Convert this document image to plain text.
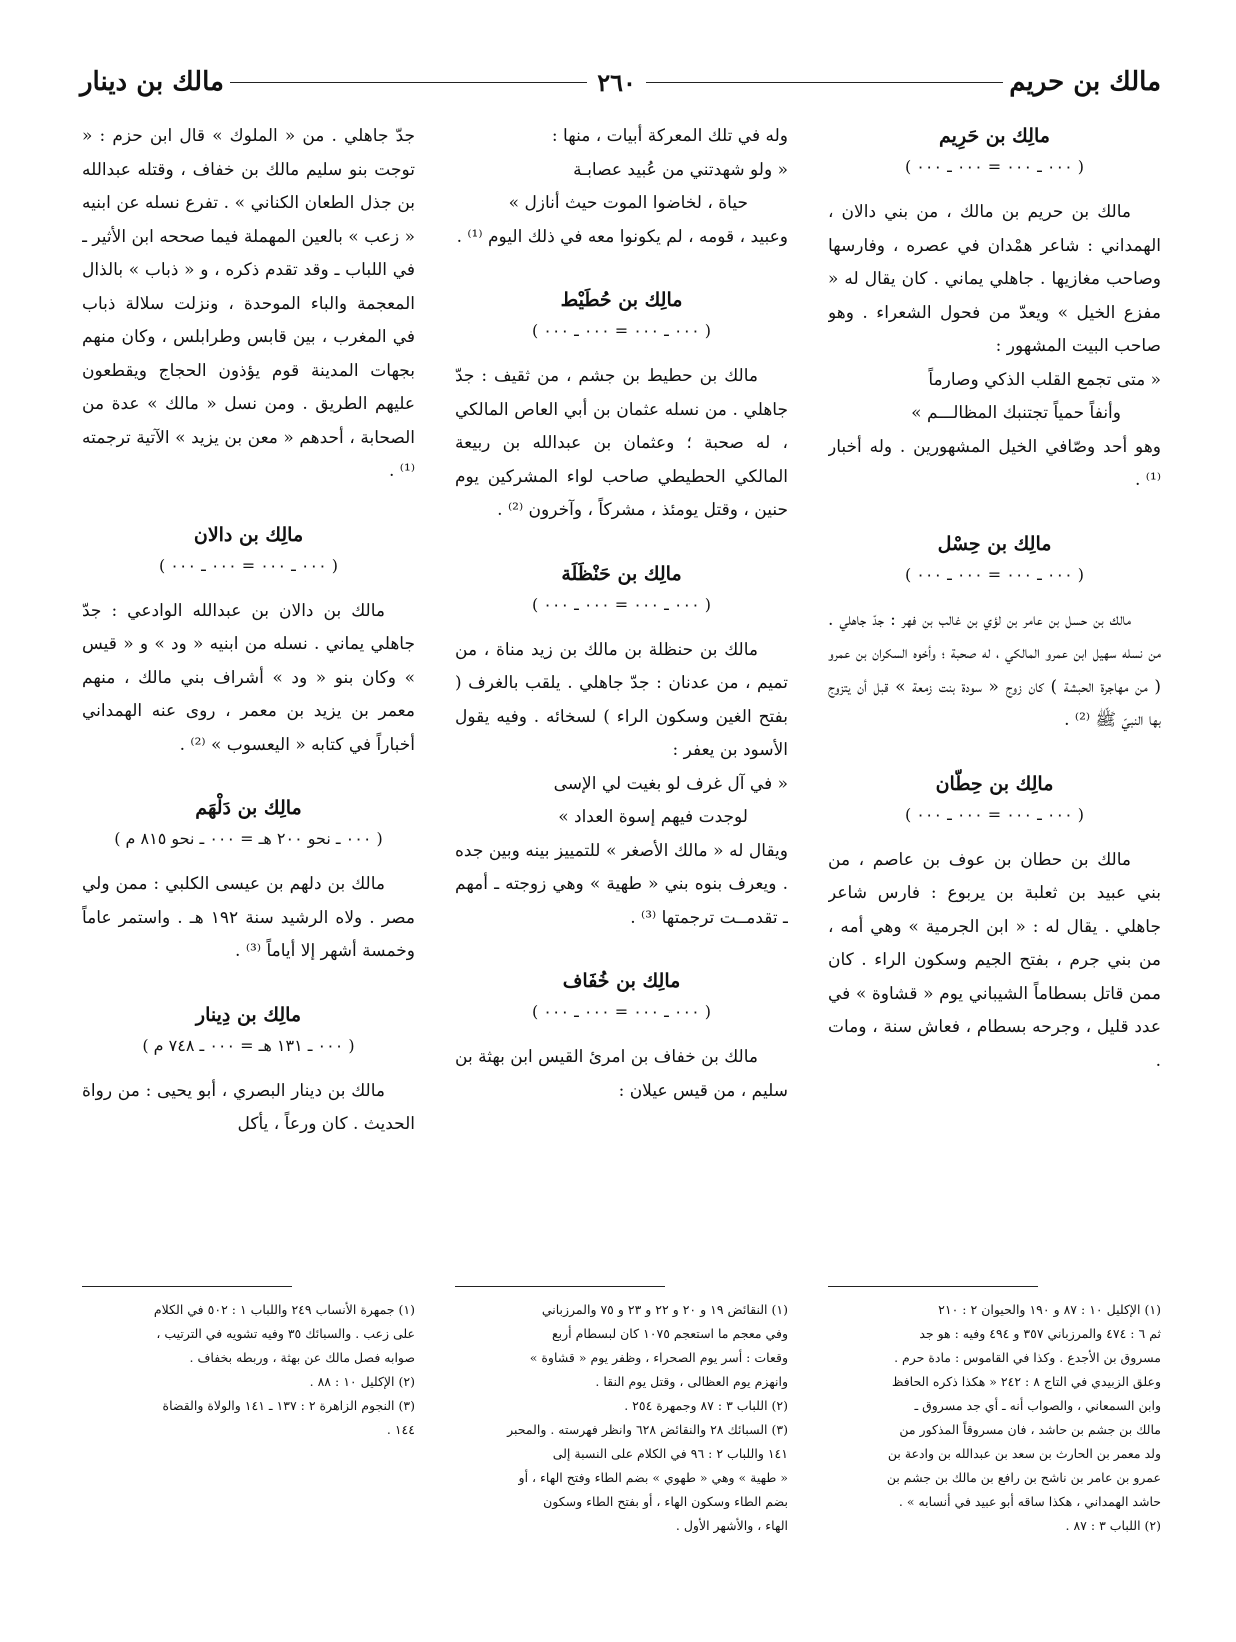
مالك بن حريم
٢٦٠
مالك بن دينار
مالِك بن حَرِيم
( ٠٠٠ ـ ٠٠٠ = ٠٠٠ ـ ٠٠٠ )

مالك بن حريم بن مالك ، من بني دالان ، الهمداني : شاعر همْدان في عصره ، وفارسها وصاحب مغازيها . جاهلي يماني . كان يقال له « مفزع الخيل » ويعدّ من فحول الشعراء . وهو صاحب البيت المشهور :

« متى تجمع القلب الذكي وصارماً

وأنفاً حمياً تجتنبك المظالـــم »

وهو أحد وصّافي الخيل المشهورين . وله أخبار ⁽¹⁾ .

مالِك بن حِسْل
( ٠٠٠ ـ ٠٠٠ = ٠٠٠ ـ ٠٠٠ )

مالك بن حسل بن عامر بن لؤي بن غالب بن فهر : جدّ جاهلي . من نسله سهيل ابن عمرو المالكي ، له صحبة ؛ وأخوه السكران بن عمرو ( من مهاجرة الحبشة ) كان زوج « سودة بنت زمعة » قبل أن يتزوج بها النبيّ ﷺ ⁽²⁾ .

مالِك بن حِطّان
( ٠٠٠ ـ ٠٠٠ = ٠٠٠ ـ ٠٠٠ )

مالك بن حطان بن عوف بن عاصم ، من بني عبيد بن ثعلبة بن يربوع : فارس شاعر جاهلي . يقال له : « ابن الجرمية » وهي أمه ، من بني جرم ، بفتح الجيم وسكون الراء . كان ممن قاتل بسطاماً الشيباني يوم « قشاوة » في عدد قليل ، وجرحه بسطام ، فعاش سنة ، ومات .

(١) الإكليل ١٠ : ٨٧ و ١٩٠ والحيوان ٢ : ٢١٠
ثم ٦ : ٤٧٤ والمرزباني ٣٥٧ و ٤٩٤ وفيه : هو جد
مسروق بن الأجدع . وكذا في القاموس : مادة حرم .
وعلق الزبيدي في التاج ٨ : ٢٤٢ « هكذا ذكره الحافظ
وابن السمعاني ، والصواب أنه ـ أي جد مسروق ـ
مالك بن جشم بن حاشد ، فان مسروقاً المذكور من
ولد معمر بن الحارث بن سعد بن عبدالله بن وادعة بن
عمرو بن عامر بن ناشح بن رافع بن مالك بن جشم بن
حاشد الهمداني ، هكذا ساقه أبو عبيد في أنسابه » .
(٢) اللباب ٣ : ٨٧ .

وله في تلك المعركة أبيات ، منها :

« ولو شهدتني من عُبيد عصابـة

حياة ، لخاضوا الموت حيث أنازل »

وعبيد ، قومه ، لم يكونوا معه في ذلك اليوم ⁽¹⁾ .

مالِك بن حُطَيْط
( ٠٠٠ ـ ٠٠٠ = ٠٠٠ ـ ٠٠٠ )

مالك بن حطيط بن جشم ، من ثقيف : جدّ جاهلي . من نسله عثمان بن أبي العاص المالكي ، له صحبة ؛ وعثمان بن عبدالله بن ربيعة المالكي الحطيطي صاحب لواء المشركين يوم حنين ، وقتل يومئذ ، مشركاً ، وآخرون ⁽²⁾ .

مالِك بن حَنْظَلَة
( ٠٠٠ ـ ٠٠٠ = ٠٠٠ ـ ٠٠٠ )

مالك بن حنظلة بن مالك بن زيد مناة ، من تميم ، من عدنان : جدّ جاهلي . يلقب بالغرف ( بفتح الغين وسكون الراء ) لسخائه . وفيه يقول الأسود بن يعفر :

« في آل غرف لو بغيت لي الإسى

لوجدت فيهم إسوة العداد »

ويقال له « مالك الأصغر » للتمييز بينه وبين جده . ويعرف بنوه بني « طهية » وهي زوجته ـ أمهم ـ تقدمــت ترجمتها ⁽³⁾ .

مالِك بن خُفَاف
( ٠٠٠ ـ ٠٠٠ = ٠٠٠ ـ ٠٠٠ )

مالك بن خفاف بن امرئ القيس ابن بهثة بن سليم ، من قيس عيلان :

(١) النقائض ١٩ و ٢٠ و ٢٢ و ٢٣ و ٧٥ والمرزباني
وفي معجم ما استعجم ١٠٧٥ كان لبسطام أربع
وقعات : أسر يوم الصحراء ، وظفر يوم « قشاوة »
وانهزم يوم العظالى ، وقتل يوم النقا .
(٢) اللباب ٣ : ٨٧ وجمهرة ٢٥٤ .
(٣) السبائك ٢٨ والنقائض ٦٢٨ وانظر فهرسته . والمحبر
١٤١ واللباب ٢ : ٩٦ في الكلام على النسبة إلى
« طهية » وهي « طهوي » بضم الطاء وفتح الهاء ، أو
بضم الطاء وسكون الهاء ، أو بفتح الطاء وسكون
الهاء ، والأشهر الأول .

جدّ جاهلي . من « الملوك » قال ابن حزم : « توجت بنو سليم مالك بن خفاف ، وقتله عبدالله بن جذل الطعان الكناني » . تفرع نسله عن ابنيه « زعب » بالعين المهملة فيما صححه ابن الأثير ـ في اللباب ـ وقد تقدم ذكره ، و « ذباب » بالذال المعجمة والباء الموحدة ، ونزلت سلالة ذباب في المغرب ، بين قابس وطرابلس ، وكان منهم بجهات المدينة قوم يؤذون الحجاج ويقطعون عليهم الطريق . ومن نسل « مالك » عدة من الصحابة ، أحدهم « معن بن يزيد » الآتية ترجمته ⁽¹⁾ .

مالِك بن دالان
( ٠٠٠ ـ ٠٠٠ = ٠٠٠ ـ ٠٠٠ )

مالك بن دالان بن عبدالله الوادعي : جدّ جاهلي يماني . نسله من ابنيه « ود » و « قيس » وكان بنو « ود » أشراف بني مالك ، منهم معمر بن يزيد بن معمر ، روى عنه الهمداني أخباراً في كتابه « اليعسوب » ⁽²⁾ .

مالِك بن دَلْهَم
( ٠٠٠ ـ نحو ٢٠٠ هـ = ٠٠٠ ـ نحو ٨١٥ م )

مالك بن دلهم بن عيسى الكلبي : ممن ولي مصر . ولاه الرشيد سنة ١٩٢ هـ . واستمر عاماً وخمسة أشهر إلا أياماً ⁽³⁾ .

مالِك بن دِينار
( ٠٠٠ ـ ١٣١ هـ = ٠٠٠ ـ ٧٤٨ م )

مالك بن دينار البصري ، أبو يحيى : من رواة الحديث . كان ورعاً ، يأكل

(١) جمهرة الأنساب ٢٤٩ واللباب ١ : ٥٠٢ في الكلام
على زعب . والسبائك ٣٥ وفيه تشويه في الترتيب ،
صوابه فصل مالك عن بهثة ، وربطه بخفاف .
(٢) الإكليل ١٠ : ٨٨ .
(٣) النجوم الزاهرة ٢ : ١٣٧ ـ ١٤١ والولاة والقضاة
١٤٤ .
